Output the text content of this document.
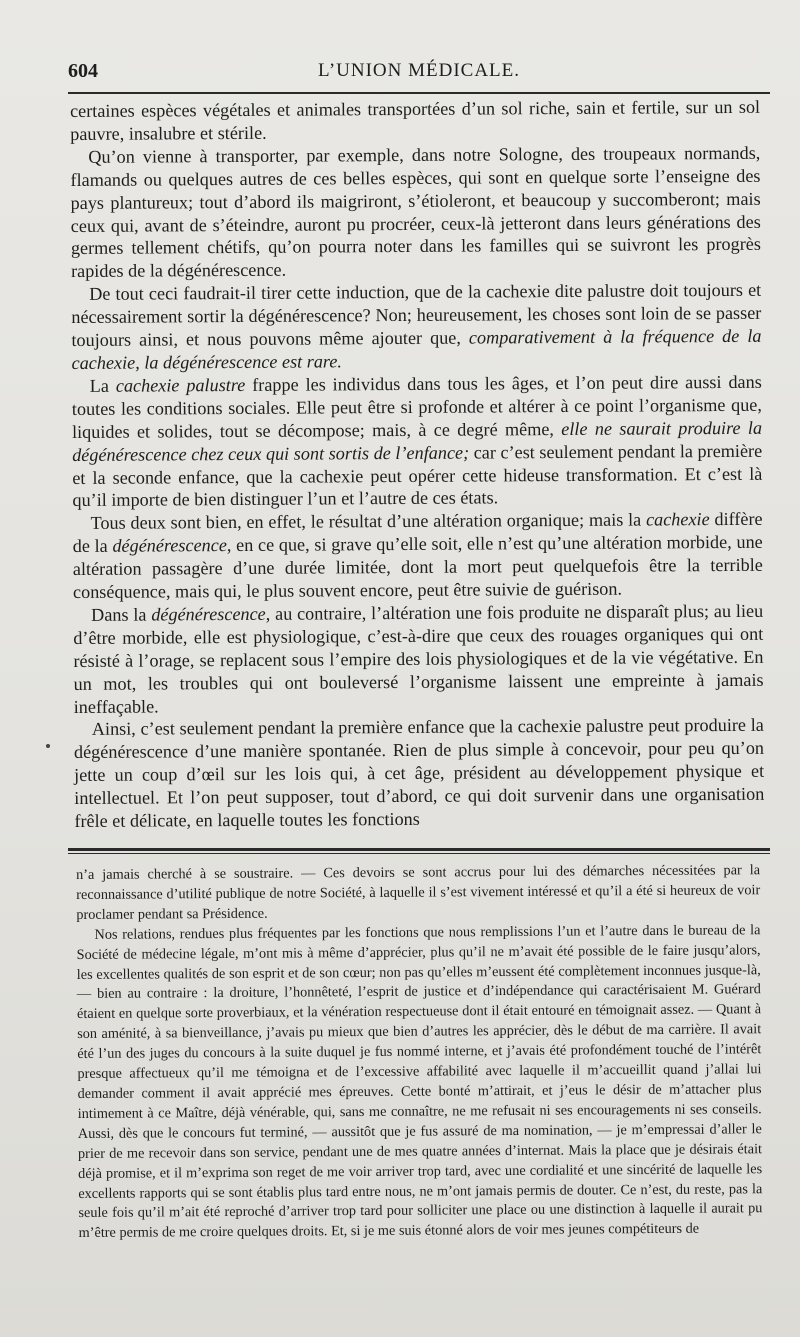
604	L’UNION MÉDICALE.

certaines espèces végétales et animales transportées d’un sol riche, sain et fertile, sur un sol pauvre, insalubre et stérile.

Qu’on vienne à transporter, par exemple, dans notre Sologne, des troupeaux normands, flamands ou quelques autres de ces belles espèces, qui sont en quelque sorte l’enseigne des pays plantureux; tout d’abord ils maigriront, s’étioleront, et beaucoup y succomberont; mais ceux qui, avant de s’éteindre, auront pu procréer, ceux-là jetteront dans leurs générations des germes tellement chétifs, qu’on pourra noter dans les familles qui se suivront les progrès rapides de la dégénérescence.

De tout ceci faudrait-il tirer cette induction, que de la cachexie dite palustre doit toujours et nécessairement sortir la dégénérescence? Non; heureusement, les choses sont loin de se passer toujours ainsi, et nous pouvons même ajouter que, comparativement à la fréquence de la cachexie, la dégénérescence est rare.

La cachexie palustre frappe les individus dans tous les âges, et l’on peut dire aussi dans toutes les conditions sociales. Elle peut être si profonde et altérer à ce point l’organisme que, liquides et solides, tout se décompose; mais, à ce degré même, elle ne saurait produire la dégénérescence chez ceux qui sont sortis de l’enfance; car c’est seulement pendant la première et la seconde enfance, que la cachexie peut opérer cette hideuse transformation. Et c’est là qu’il importe de bien distinguer l’un et l’autre de ces états.

Tous deux sont bien, en effet, le résultat d’une altération organique; mais la cachexie diffère de la dégénérescence, en ce que, si grave qu’elle soit, elle n’est qu’une altération morbide, une altération passagère d’une durée limitée, dont la mort peut quelquefois être la terrible conséquence, mais qui, le plus souvent encore, peut être suivie de guérison.

Dans la dégénérescence, au contraire, l’altération une fois produite ne disparaît plus; au lieu d’être morbide, elle est physiologique, c’est-à-dire que ceux des rouages organiques qui ont résisté à l’orage, se replacent sous l’empire des lois physiologiques et de la vie végétative. En un mot, les troubles qui ont bouleversé l’organisme laissent une empreinte à jamais ineffaçable.

Ainsi, c’est seulement pendant la première enfance que la cachexie palustre peut produire la dégénérescence d’une manière spontanée. Rien de plus simple à concevoir, pour peu qu’on jette un coup d’œil sur les lois qui, à cet âge, président au développement physique et intellectuel. Et l’on peut supposer, tout d’abord, ce qui doit survenir dans une organisation frêle et délicate, en laquelle toutes les fonctions

n’a jamais cherché à se soustraire. — Ces devoirs se sont accrus pour lui des démarches nécessitées par la reconnaissance d’utilité publique de notre Société, à laquelle il s’est vivement intéressé et qu’il a été si heureux de voir proclamer pendant sa Présidence.

Nos relations, rendues plus fréquentes par les fonctions que nous remplissions l’un et l’autre dans le bureau de la Société de médecine légale, m’ont mis à même d’apprécier, plus qu’il ne m’avait été possible de le faire jusqu’alors, les excellentes qualités de son esprit et de son cœur; non pas qu’elles m’eussent été complètement inconnues jusque-là, — bien au contraire : la droiture, l’honnêteté, l’esprit de justice et d’indépendance qui caractérisaient M. Guérard étaient en quelque sorte proverbiaux, et la vénération respectueuse dont il était entouré en témoignait assez. — Quant à son aménité, à sa bienveillance, j’avais pu mieux que bien d’autres les apprécier, dès le début de ma carrière. Il avait été l’un des juges du concours à la suite duquel je fus nommé interne, et j’avais été profondément touché de l’intérêt presque affectueux qu’il me témoigna et de l’excessive affabilité avec laquelle il m’accueillit quand j’allai lui demander comment il avait apprécié mes épreuves. Cette bonté m’attirait, et j’eus le désir de m’attacher plus intimement à ce Maître, déjà vénérable, qui, sans me connaître, ne me refusait ni ses encouragements ni ses conseils. Aussi, dès que le concours fut terminé, — aussitôt que je fus assuré de ma nomination, — je m’empressai d’aller le prier de me recevoir dans son service, pendant une de mes quatre années d’internat. Mais la place que je désirais était déjà promise, et il m’exprima son reget de me voir arriver trop tard, avec une cordialité et une sincérité de laquelle les excellents rapports qui se sont établis plus tard entre nous, ne m’ont jamais permis de douter. Ce n’est, du reste, pas la seule fois qu’il m’ait été reproché d’arriver trop tard pour solliciter une place ou une distinction à laquelle il aurait pu m’être permis de me croire quelques droits. Et, si je me suis étonné alors de voir mes jeunes compétiteurs de
